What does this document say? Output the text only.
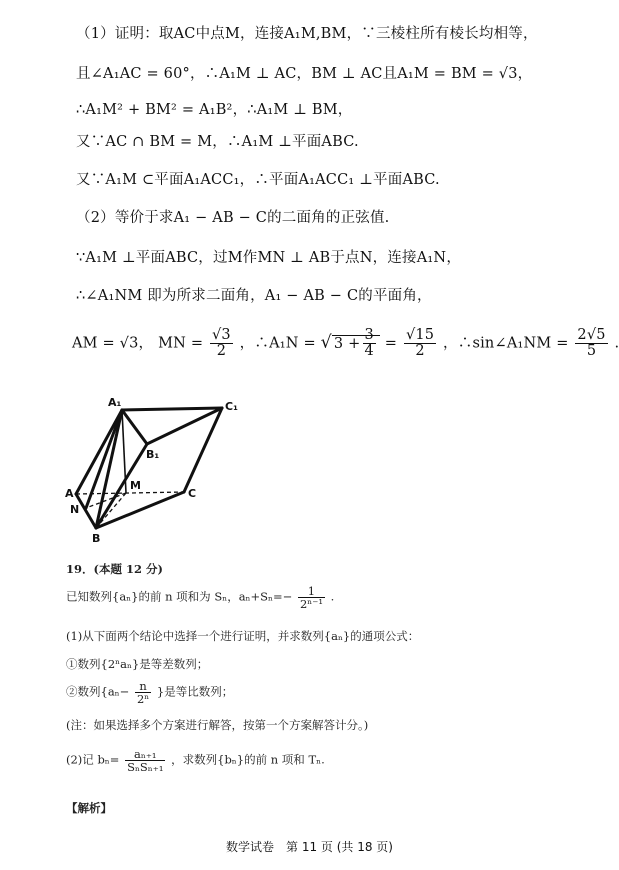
（1）证明：取AC中点M，连接A₁M,BM，∵三棱柱所有棱长均相等，
且∠A₁AC = 60°，∴A₁M ⊥ AC，BM ⊥ AC且A₁M = BM = √3，
∴A₁M² + BM² = A₁B²，∴A₁M ⊥ BM，
又∵AC ∩ BM = M，∴A₁M ⊥平面ABC.
又∵A₁M ⊂平面A₁ACC₁，∴平面A₁ACC₁ ⊥平面ABC.
（2）等价于求A₁ − AB − C的二面角的正弦值.
∵A₁M ⊥平面ABC，过M作MN ⊥ AB于点N，连接A₁N，
∴∠A₁NM 即为所求二面角，A₁ − AB − C的平面角，
AM = √3， MN = $\frac{√3}{2}$ ，∴A₁N = √ $3 + \frac{3}{4} = \frac{√15}{2}$ ，∴sin∠A₁NM = $\frac{2√5}{5}$ .
A₁	C₁
B₁
A
M
C
N
B
19．(本题 12 分)
已知数列{aₙ}的前 n 项和为 Sₙ，$a_n+S_n=- \frac{1}{\text{2ⁿ⁻¹}}$ .
(1)从下面两个结论中选择一个进行证明，并求数列{aₙ}的通项公式：
①数列{2ⁿaₙ}是等差数列；
②数列{$a_n- \frac{n}{\text{2ⁿ}}$ }是等比数列；
(注：如果选择多个方案进行解答，按第一个方案解答计分。)
(2)记 $b_n= \frac{\text{aₙ₊₁}}{\text{SₙSₙ₊₁}}$ ，求数列{bₙ}的前 n 项和 Tₙ.
【解析】
数学试卷　第 11 页 (共 18 页)
